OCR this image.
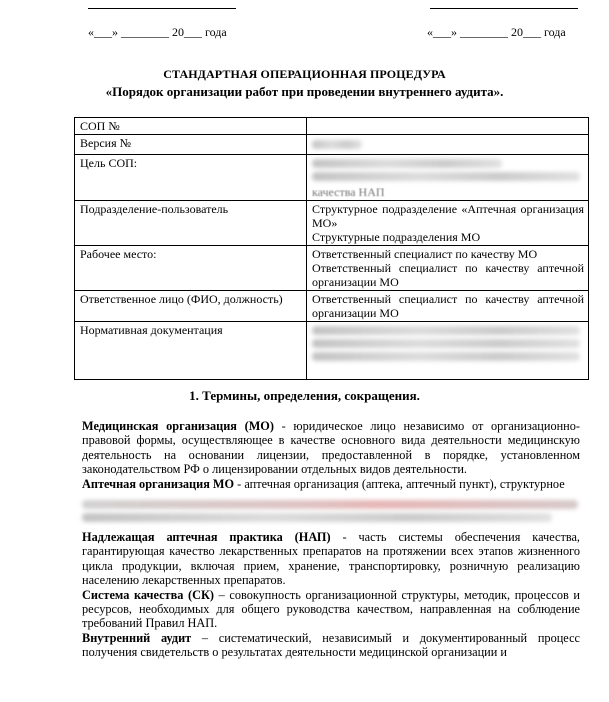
«___» ________ 20___ года	«___» ________ 20___ года
СТАНДАРТНАЯ ОПЕРАЦИОННАЯ ПРОЦЕДУРА
«Порядок организации работ при проведении внутреннего аудита».
СОП №	
Версия №	

Цель СОП:	качества НАП
Подразделение-пользователь	Структурное подразделение «Аптечная организация МО»
Структурные подразделения МО

Рабочее место:	Ответственный специалист по качеству МО
Ответственный специалист по качеству аптечной организации МО

Ответственное лицо (ФИО, должность)	Ответственный специалист по качеству аптечной организации МО

Нормативная документация	
1. Термины, определения, сокращения.

Медицинская организация (МО) - юридическое лицо независимо от организационно-правовой формы, осуществляющее в качестве основного вида деятельности медицинскую деятельность на основании лицензии, предоставленной в порядке, установленном законодательством РФ о лицензировании отдельных видов деятельности.

Аптечная организация МО - аптечная организация (аптека, аптечный пункт), структурное

Надлежащая аптечная практика (НАП) - часть системы обеспечения качества, гарантирующая качество лекарственных препаратов на протяжении всех этапов жизненного цикла продукции, включая прием, хранение, транспортировку, розничную реализацию населению лекарственных препаратов.

Система качества (СК) – совокупность организационной структуры, методик, процессов и ресурсов, необходимых для общего руководства качеством, направленная на соблюдение требований Правил НАП.

Внутренний аудит – систематический, независимый и документированный процесс получения свидетельств о результатах деятельности медицинской организации и
